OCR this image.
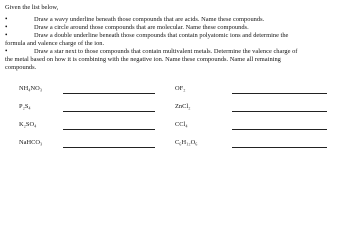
Given the list below,
•	Draw a wavy underline beneath those compounds that are acids. Name these compounds.
•	Draw a circle around those compounds that are molecular. Name these compounds.
•	Draw a double underline beneath those compounds that contain polyatomic ions and determine the
formula and valence charge of the ion.
•	Draw a star next to those compounds that contain multivalent metals. Determine the valence charge of
the metal based on how it is combining with the negative ion. Name these compounds. Name all remaining
compounds.
NH₄NO₃	OF₂
P₂S₄	ZnCl₂
K₂SO₄	CCl₄
NaHCO₃	C₆H₁₂O₆
